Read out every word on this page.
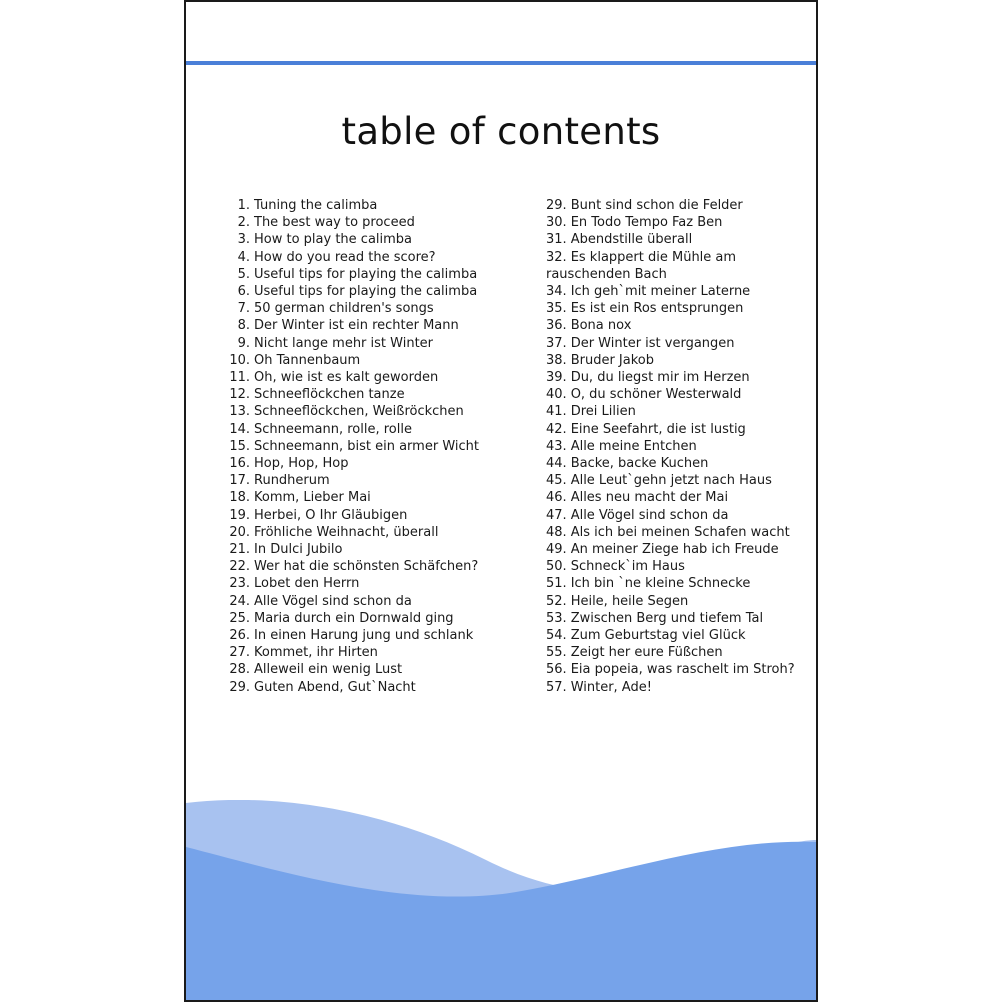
table of contents
1. Tuning the calimba
2. The best way to proceed
3. How to play the calimba
4. How do you read the score?
5. Useful tips for playing the calimba
6. Useful tips for playing the calimba
7. 50 german children's songs
8. Der Winter ist ein rechter Mann
9. Nicht lange mehr ist Winter
10. Oh Tannenbaum
11. Oh, wie ist es kalt geworden
12. Schneeflöckchen tanze
13. Schneeflöckchen, Weißröckchen
14. Schneemann, rolle, rolle
15. Schneemann, bist ein armer Wicht
16. Hop, Hop, Hop
17. Rundherum
18. Komm, Lieber Mai
19. Herbei, O Ihr Gläubigen
20. Fröhliche Weihnacht, überall
21. In Dulci Jubilo
22. Wer hat die schönsten Schäfchen?
23. Lobet den Herrn
24. Alle Vögel sind schon da
25. Maria durch ein Dornwald ging
26. In einen Harung jung und schlank
27. Kommet, ihr Hirten
28. Alleweil ein wenig Lust
29. Guten Abend, Gut`Nacht
29. Bunt sind schon die Felder
30. En Todo Tempo Faz Ben
31. Abendstille überall
32. Es klappert die Mühle am rauschenden Bach
34. Ich geh`mit meiner Laterne
35. Es ist ein Ros entsprungen
36. Bona nox
37. Der Winter ist vergangen
38. Bruder Jakob
39. Du, du liegst mir im Herzen
40. O, du schöner Westerwald
41. Drei Lilien
42. Eine Seefahrt, die ist lustig
43. Alle meine Entchen
44. Backe, backe Kuchen
45. Alle Leut`gehn jetzt nach Haus
46. Alles neu macht der Mai
47. Alle Vögel sind schon da
48. Als ich bei meinen Schafen wacht
49. An meiner Ziege hab ich Freude
50. Schneck`im Haus
51. Ich bin `ne kleine Schnecke
52. Heile, heile Segen
53. Zwischen Berg und tiefem Tal
54. Zum Geburtstag viel Glück
55. Zeigt her eure Füßchen
56. Eia popeia, was raschelt im Stroh?
57. Winter, Ade!
